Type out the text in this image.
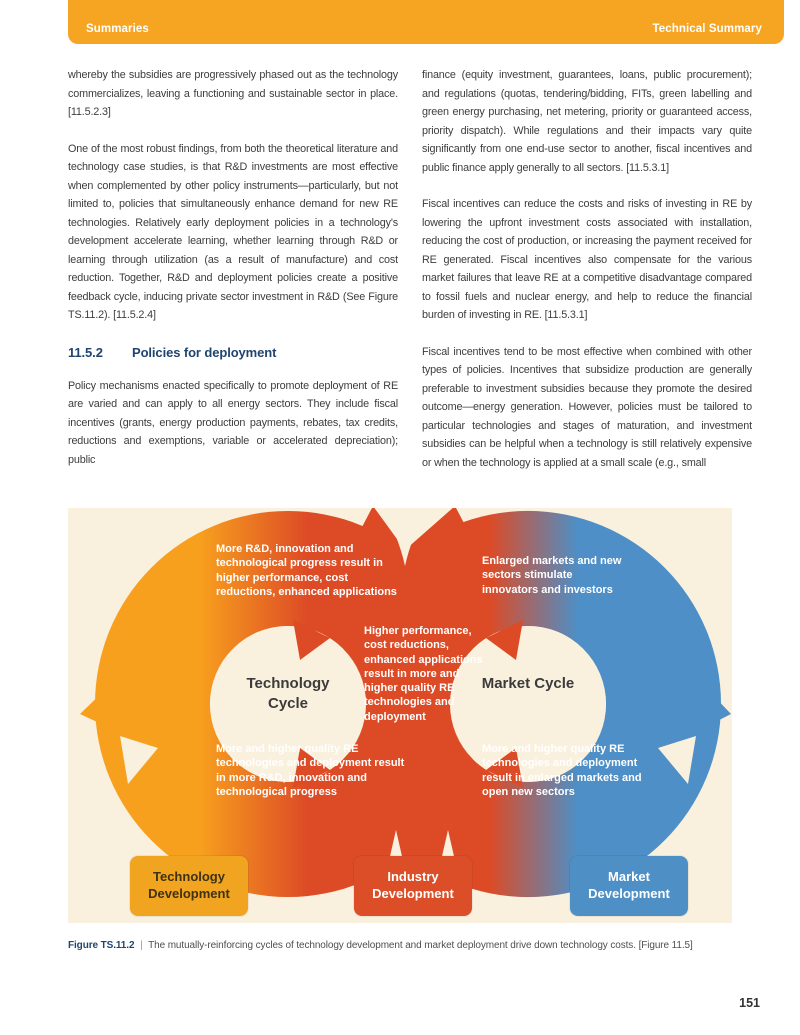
Summaries	Technical Summary

whereby the subsidies are progressively phased out as the technology commercializes, leaving a functioning and sustainable sector in place. [11.5.2.3]

One of the most robust findings, from both the theoretical literature and technology case studies, is that R&D investments are most effective when complemented by other policy instruments—particularly, but not limited to, policies that simultaneously enhance demand for new RE technologies. Relatively early deployment policies in a technology's development accelerate learning, whether learning through R&D or learning through utilization (as a result of manufacture) and cost reduction. Together, R&D and deployment policies create a positive feedback cycle, inducing private sector investment in R&D (See Figure TS.11.2). [11.5.2.4]

11.5.2 Policies for deployment

Policy mechanisms enacted specifically to promote deployment of RE are varied and can apply to all energy sectors. They include fiscal incentives (grants, energy production payments, rebates, tax credits, reductions and exemptions, variable or accelerated depreciation); public

finance (equity investment, guarantees, loans, public procurement); and regulations (quotas, tendering/bidding, FITs, green labelling and green energy purchasing, net metering, priority or guaranteed access, priority dispatch). While regulations and their impacts vary quite significantly from one end-use sector to another, fiscal incentives and public finance apply generally to all sectors. [11.5.3.1]

Fiscal incentives can reduce the costs and risks of investing in RE by lowering the upfront investment costs associated with installation, reducing the cost of production, or increasing the payment received for RE generated. Fiscal incentives also compensate for the various market failures that leave RE at a competitive disadvantage compared to fossil fuels and nuclear energy, and help to reduce the financial burden of investing in RE. [11.5.3.1]

Fiscal incentives tend to be most effective when combined with other types of policies. Incentives that subsidize production are generally preferable to investment subsidies because they promote the desired outcome—energy generation. However, policies must be tailored to particular technologies and stages of maturation, and investment subsidies can be helpful when a technology is still relatively expensive or when the technology is applied at a small scale (e.g., small

More R&D, innovation and technological progress result in higher performance, cost reductions, enhanced applications
Enlarged markets and new sectors stimulate innovators and investors
Higher performance, cost reductions, enhanced applications result in more and higher quality RE technologies and deployment
More and higher quality RE technologies and deployment result in more R&D, innovation and technological progress
More and higher quality RE technologies and deployment result in enlarged markets and open new sectors
Technology Cycle
Market Cycle
Technology Development
Industry Development
Market Development
Figure TS.11.2 | The mutually-reinforcing cycles of technology development and market deployment drive down technology costs. [Figure 11.5]
151
